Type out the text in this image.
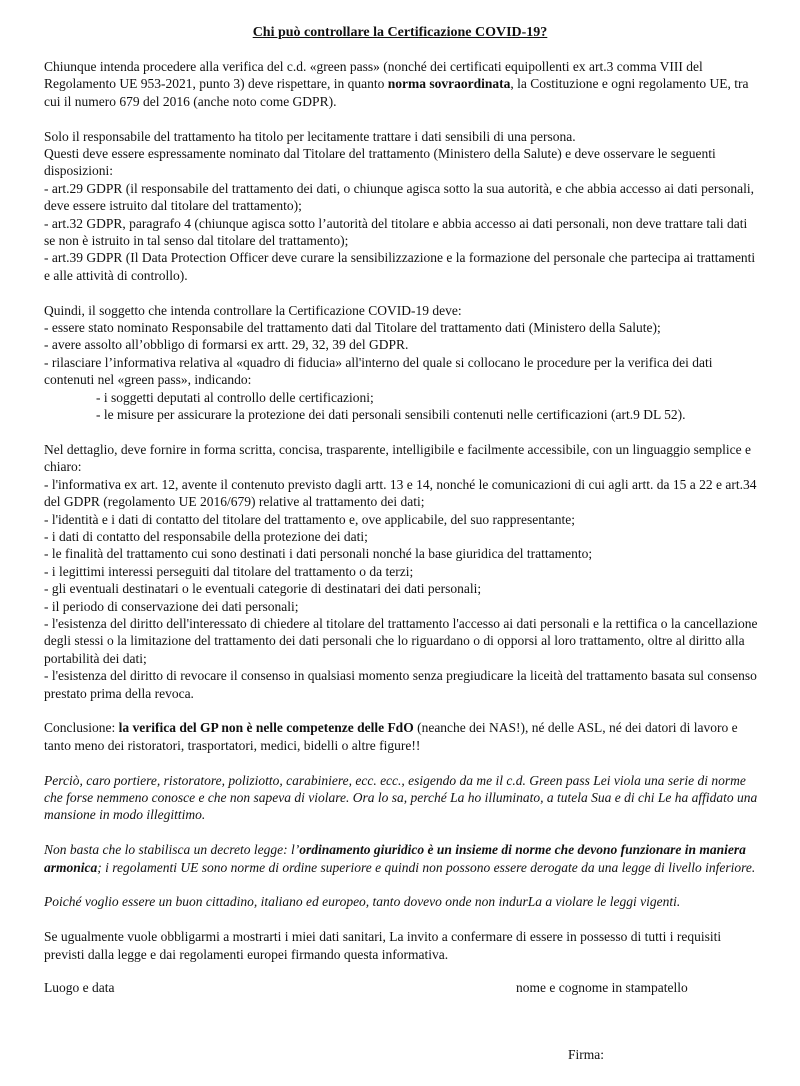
Chi può controllare la Certificazione COVID-19?

Chiunque intenda procedere alla verifica del c.d. «green pass» (nonché dei certificati equipollenti ex art.3 comma VIII del Regolamento UE 953-2021, punto 3) deve rispettare, in quanto norma sovraordinata, la Costituzione e ogni regolamento UE, tra cui il numero 679 del 2016 (anche noto come GDPR).

Solo il responsabile del trattamento ha titolo per lecitamente trattare i dati sensibili di una persona.
Questi deve essere espressamente nominato dal Titolare del trattamento (Ministero della Salute) e deve osservare le seguenti disposizioni:
- art.29 GDPR (il responsabile del trattamento dei dati, o chiunque agisca sotto la sua autorità, e che abbia accesso ai dati personali, deve essere istruito dal titolare del trattamento);
- art.32 GDPR, paragrafo 4 (chiunque agisca sotto l’autorità del titolare e abbia accesso ai dati personali, non deve trattare tali dati se non è istruito in tal senso dal titolare del trattamento);
- art.39 GDPR (Il Data Protection Officer deve curare la sensibilizzazione e la formazione del personale che partecipa ai trattamenti e alle attività di controllo).

Quindi, il soggetto che intenda controllare la Certificazione COVID-19 deve:
- essere stato nominato Responsabile del trattamento dati dal Titolare del trattamento dati (Ministero della Salute);
- avere assolto all’obbligo di formarsi ex artt. 29, 32, 39 del GDPR.
- rilasciare l’informativa relativa al «quadro di fiducia» all'interno del quale si collocano le procedure per la verifica dei dati contenuti nel «green pass», indicando:
- i soggetti deputati al controllo delle certificazioni;
- le misure per assicurare la protezione dei dati personali sensibili contenuti nelle certificazioni (art.9 DL 52).

Nel dettaglio, deve fornire in forma scritta, concisa, trasparente, intelligibile e facilmente accessibile, con un linguaggio semplice e chiaro:
- l'informativa ex art. 12, avente il contenuto previsto dagli artt. 13 e 14, nonché le comunicazioni di cui agli artt. da 15 a 22 e art.34 del GDPR (regolamento UE 2016/679) relative al trattamento dei dati;
- l'identità e i dati di contatto del titolare del trattamento e, ove applicabile, del suo rappresentante;
- i dati di contatto del responsabile della protezione dei dati;
- le finalità del trattamento cui sono destinati i dati personali nonché la base giuridica del trattamento;
- i legittimi interessi perseguiti dal titolare del trattamento o da terzi;
- gli eventuali destinatari o le eventuali categorie di destinatari dei dati personali;
- il periodo di conservazione dei dati personali;
- l'esistenza del diritto dell'interessato di chiedere al titolare del trattamento l'accesso ai dati personali e la rettifica o la cancellazione degli stessi o la limitazione del trattamento dei dati personali che lo riguardano o di opporsi al loro trattamento, oltre al diritto alla portabilità dei dati;
- l'esistenza del diritto di revocare il consenso in qualsiasi momento senza pregiudicare la liceità del trattamento basata sul consenso prestato prima della revoca.

Conclusione: la verifica del GP non è nelle competenze delle FdO (neanche dei NAS!), né delle ASL, né dei datori di lavoro e tanto meno dei ristoratori, trasportatori, medici, bidelli o altre figure!!

Perciò, caro portiere, ristoratore, poliziotto, carabiniere, ecc. ecc., esigendo da me il c.d. Green pass Lei viola una serie di norme che forse nemmeno conosce e che non sapeva di violare. Ora lo sa, perché La ho illuminato, a tutela Sua e di chi Le ha affidato una mansione in modo illegittimo.

Non basta che lo stabilisca un decreto legge: l’ordinamento giuridico è un insieme di norme che devono funzionare in maniera armonica; i regolamenti UE sono norme di ordine superiore e quindi non possono essere derogate da una legge di livello inferiore.

Poiché voglio essere un buon cittadino, italiano ed europeo, tanto dovevo onde non indurLa a violare le leggi vigenti.

Se ugualmente vuole obbligarmi a mostrarti i miei dati sanitari, La invito a confermare di essere in possesso di tutti i requisiti previsti dalla legge e dai regolamenti europei firmando questa informativa.

Luogo e data	nome e cognome in stampatello
Firma:
